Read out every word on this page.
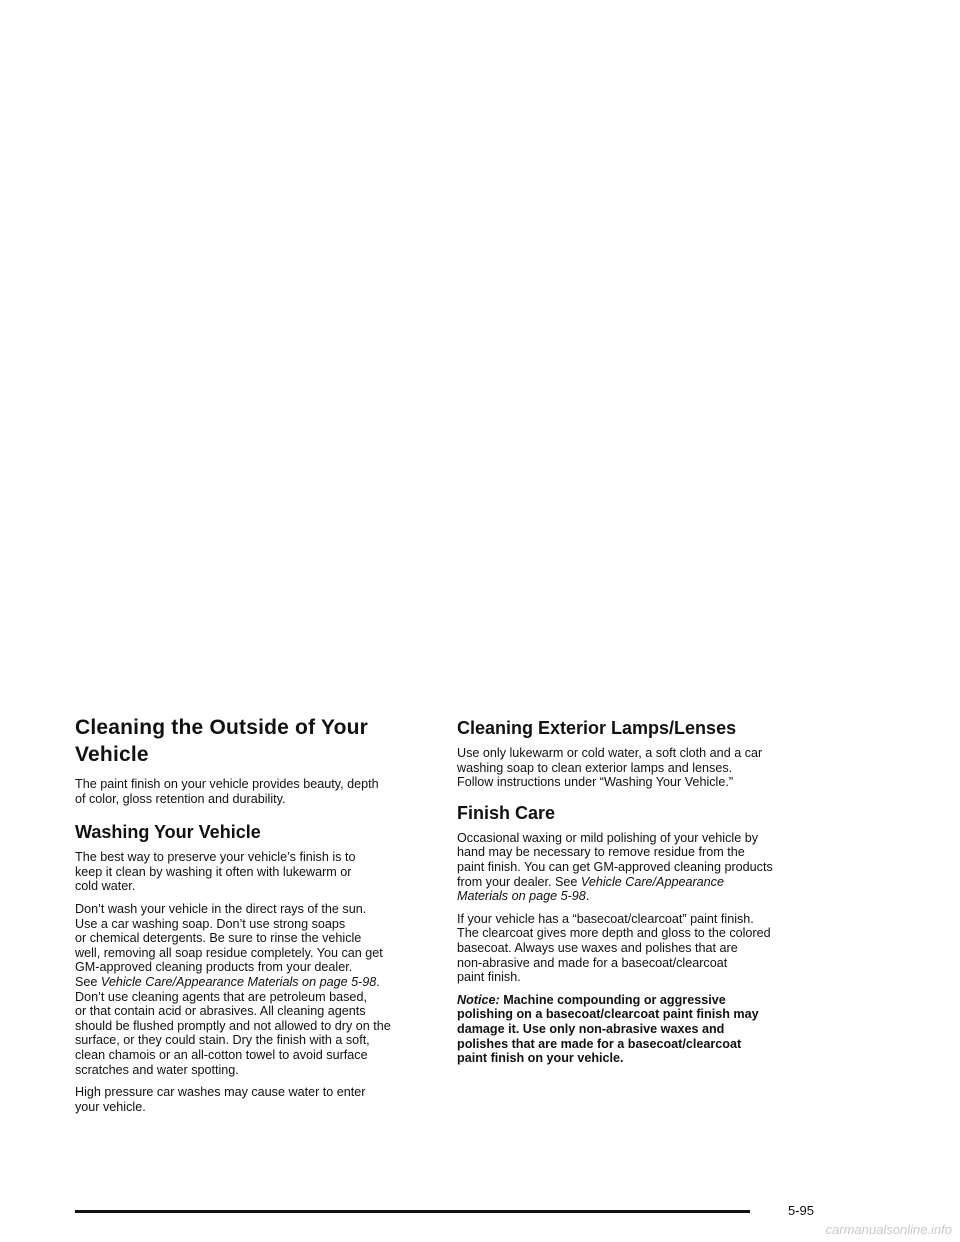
Cleaning the Outside of Your
Vehicle

The paint finish on your vehicle provides beauty, depth
of color, gloss retention and durability.

Washing Your Vehicle

The best way to preserve your vehicle’s finish is to
keep it clean by washing it often with lukewarm or
cold water.

Don’t wash your vehicle in the direct rays of the sun.
Use a car washing soap. Don’t use strong soaps
or chemical detergents. Be sure to rinse the vehicle
well, removing all soap residue completely. You can get
GM-approved cleaning products from your dealer.
See Vehicle Care/Appearance Materials on page 5-98.
Don’t use cleaning agents that are petroleum based,
or that contain acid or abrasives. All cleaning agents
should be flushed promptly and not allowed to dry on the
surface, or they could stain. Dry the finish with a soft,
clean chamois or an all-cotton towel to avoid surface
scratches and water spotting.

High pressure car washes may cause water to enter
your vehicle.

Cleaning Exterior Lamps/Lenses

Use only lukewarm or cold water, a soft cloth and a car
washing soap to clean exterior lamps and lenses.
Follow instructions under “Washing Your Vehicle.”

Finish Care

Occasional waxing or mild polishing of your vehicle by
hand may be necessary to remove residue from the
paint finish. You can get GM-approved cleaning products
from your dealer. See Vehicle Care/Appearance
Materials on page 5-98.

If your vehicle has a “basecoat/clearcoat” paint finish.
The clearcoat gives more depth and gloss to the colored
basecoat. Always use waxes and polishes that are
non-abrasive and made for a basecoat/clearcoat
paint finish.

Notice: Machine compounding or aggressive
polishing on a basecoat/clearcoat paint finish may
damage it. Use only non-abrasive waxes and
polishes that are made for a basecoat/clearcoat
paint finish on your vehicle.

5-95
carmanualsonline.info
